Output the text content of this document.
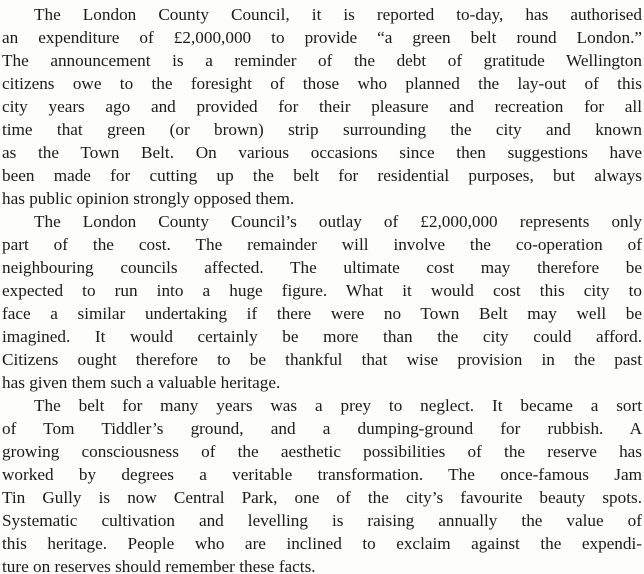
The London County Council, it is reported to-day, has authorised
an expenditure of £2,000,000 to provide “a green belt round London.”
The announcement is a reminder of the debt of gratitude Wellington
citizens owe to the foresight of those who planned the lay-out of this
city years ago and provided for their pleasure and recreation for all
time that green (or brown) strip surrounding the city and known
as the Town Belt. On various occasions since then suggestions have
been made for cutting up the belt for residential purposes, but always
has public opinion strongly opposed them.

The London County Council’s outlay of £2,000,000 represents only
part of the cost. The remainder will involve the co-operation of
neighbouring councils affected. The ultimate cost may therefore be
expected to run into a huge figure. What it would cost this city to
face a similar undertaking if there were no Town Belt may well be
imagined. It would certainly be more than the city could afford.
Citizens ought therefore to be thankful that wise provision in the past
has given them such a valuable heritage.

The belt for many years was a prey to neglect. It became a sort
of Tom Tiddler’s ground, and a dumping-ground for rubbish. A
growing consciousness of the aesthetic possibilities of the reserve has
worked by degrees a veritable transformation. The once-famous Jam
Tin Gully is now Central Park, one of the city’s favourite beauty spots.
Systematic cultivation and levelling is raising annually the value of
this heritage. People who are inclined to exclaim against the expendi-
ture on reserves should remember these facts.
